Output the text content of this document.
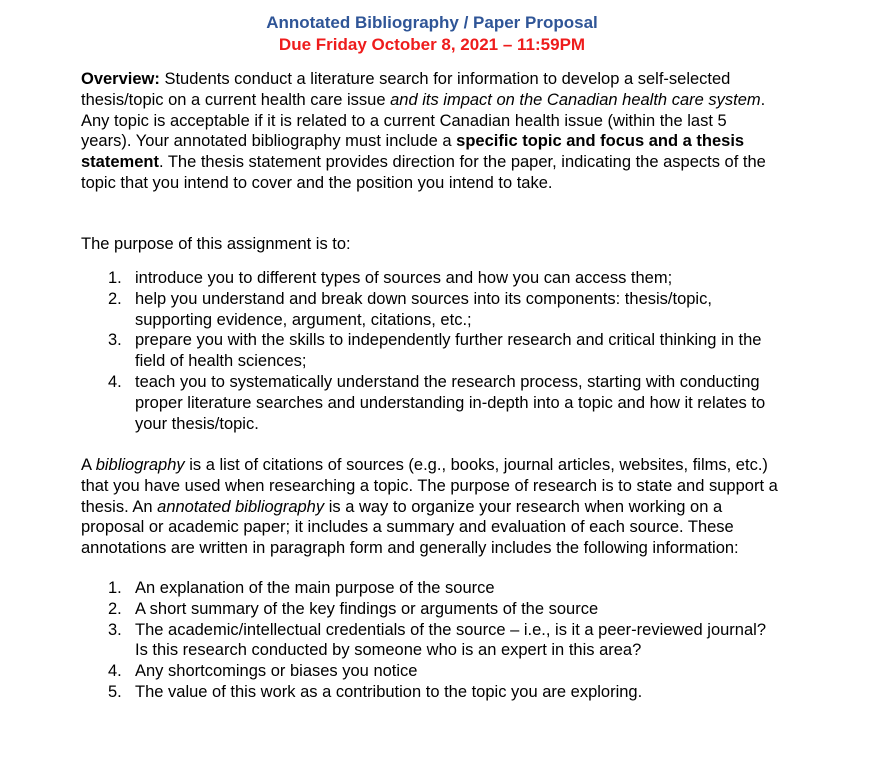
Annotated Bibliography / Paper Proposal

Due Friday October 8, 2021 – 11:59PM

Overview: Students conduct a literature search for information to develop a self-selected thesis/topic on a current health care issue and its impact on the Canadian health care system. Any topic is acceptable if it is related to a current Canadian health issue (within the last 5 years). Your annotated bibliography must include a specific topic and focus and a thesis statement. The thesis statement provides direction for the paper, indicating the aspects of the topic that you intend to cover and the position you intend to take.

The purpose of this assignment is to:

1. introduce you to different types of sources and how you can access them;
2. help you understand and break down sources into its components: thesis/topic, supporting evidence, argument, citations, etc.;
3. prepare you with the skills to independently further research and critical thinking in the field of health sciences;
4. teach you to systematically understand the research process, starting with conducting proper literature searches and understanding in-depth into a topic and how it relates to your thesis/topic.

A bibliography is a list of citations of sources (e.g., books, journal articles, websites, films, etc.) that you have used when researching a topic. The purpose of research is to state and support a thesis. An annotated bibliography is a way to organize your research when working on a proposal or academic paper; it includes a summary and evaluation of each source. These annotations are written in paragraph form and generally includes the following information:

1. An explanation of the main purpose of the source
2. A short summary of the key findings or arguments of the source
3. The academic/intellectual credentials of the source – i.e., is it a peer-reviewed journal? Is this research conducted by someone who is an expert in this area?
4. Any shortcomings or biases you notice
5. The value of this work as a contribution to the topic you are exploring.
